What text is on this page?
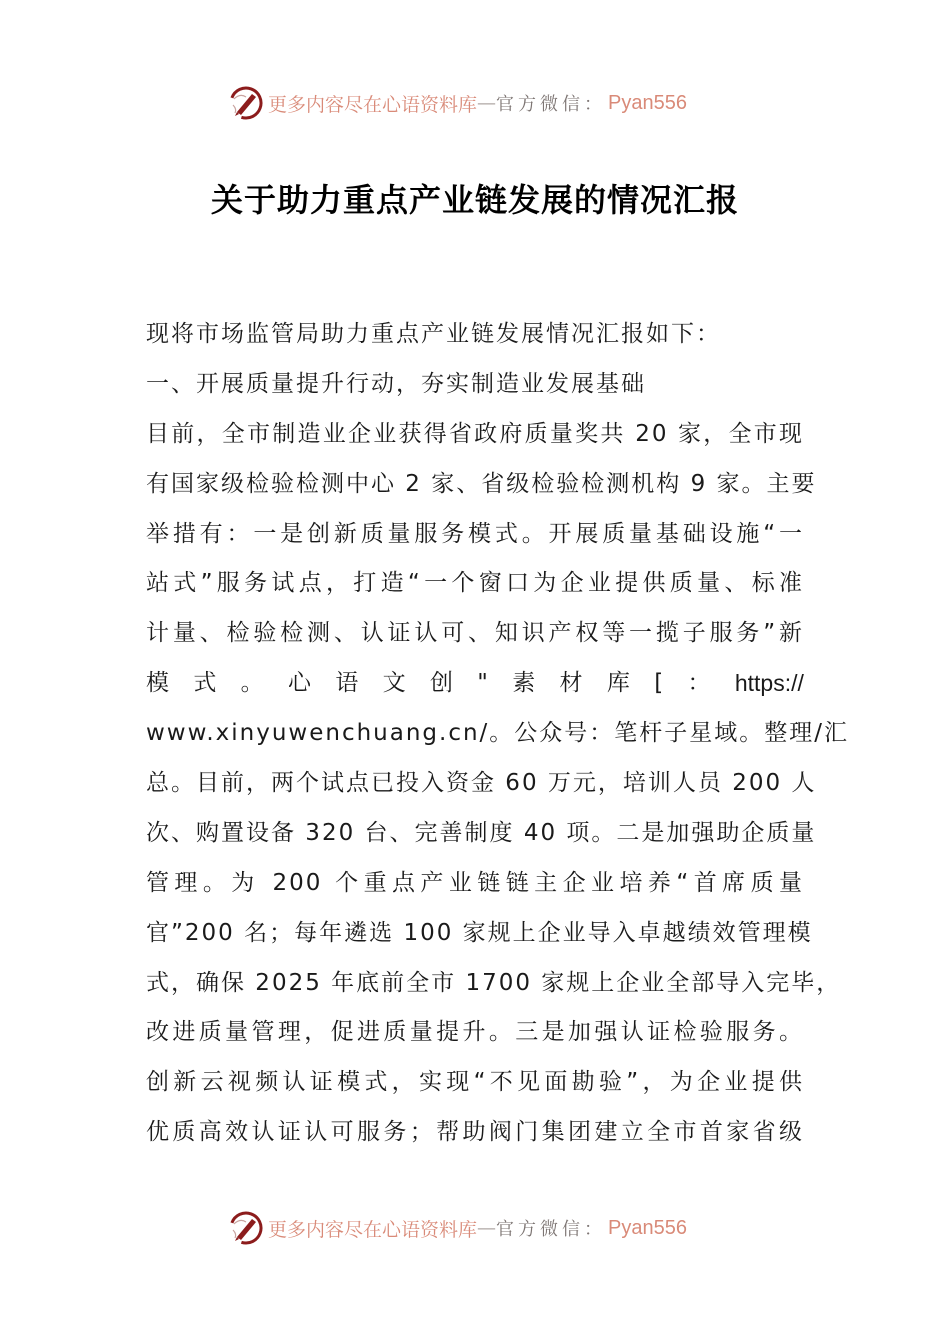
更多内容尽在心语资料库 — 官方微信： Pyan556
关于助力重点产业链发展的情况汇报
现将市场监管局助力重点产业链发展情况汇报如下：
一、开展质量提升行动，夯实制造业发展基础
目前，全市制造业企业获得省政府质量奖共 20 家，全市现
有国家级检验检测中心 2 家、省级检验检测机构 9 家。主要
举措有：一是创新质量服务模式。开展质量基础设施“一
站式”服务试点，打造“一个窗口为企业提供质量、标准
计量、检验检测、认证认可、知识产权等一揽子服务”新
模 式 。 心 语 文 创 " 素 材 库 [ ： https://
www.xinyuwenchuang.cn/。公众号：笔杆子星域。整理/汇
总。目前，两个试点已投入资金 60 万元，培训人员 200 人
次、购置设备 320 台、完善制度 40 项。二是加强助企质量
管理。为 200 个重点产业链链主企业培养“首席质量
官”200 名；每年遴选 100 家规上企业导入卓越绩效管理模
式，确保 2025 年底前全市 1700 家规上企业全部导入完毕，
改进质量管理，促进质量提升。三是加强认证检验服务。
创新云视频认证模式，实现“不见面勘验”，为企业提供
优质高效认证认可服务；帮助阀门集团建立全市首家省级
更多内容尽在心语资料库 — 官方微信： Pyan556
